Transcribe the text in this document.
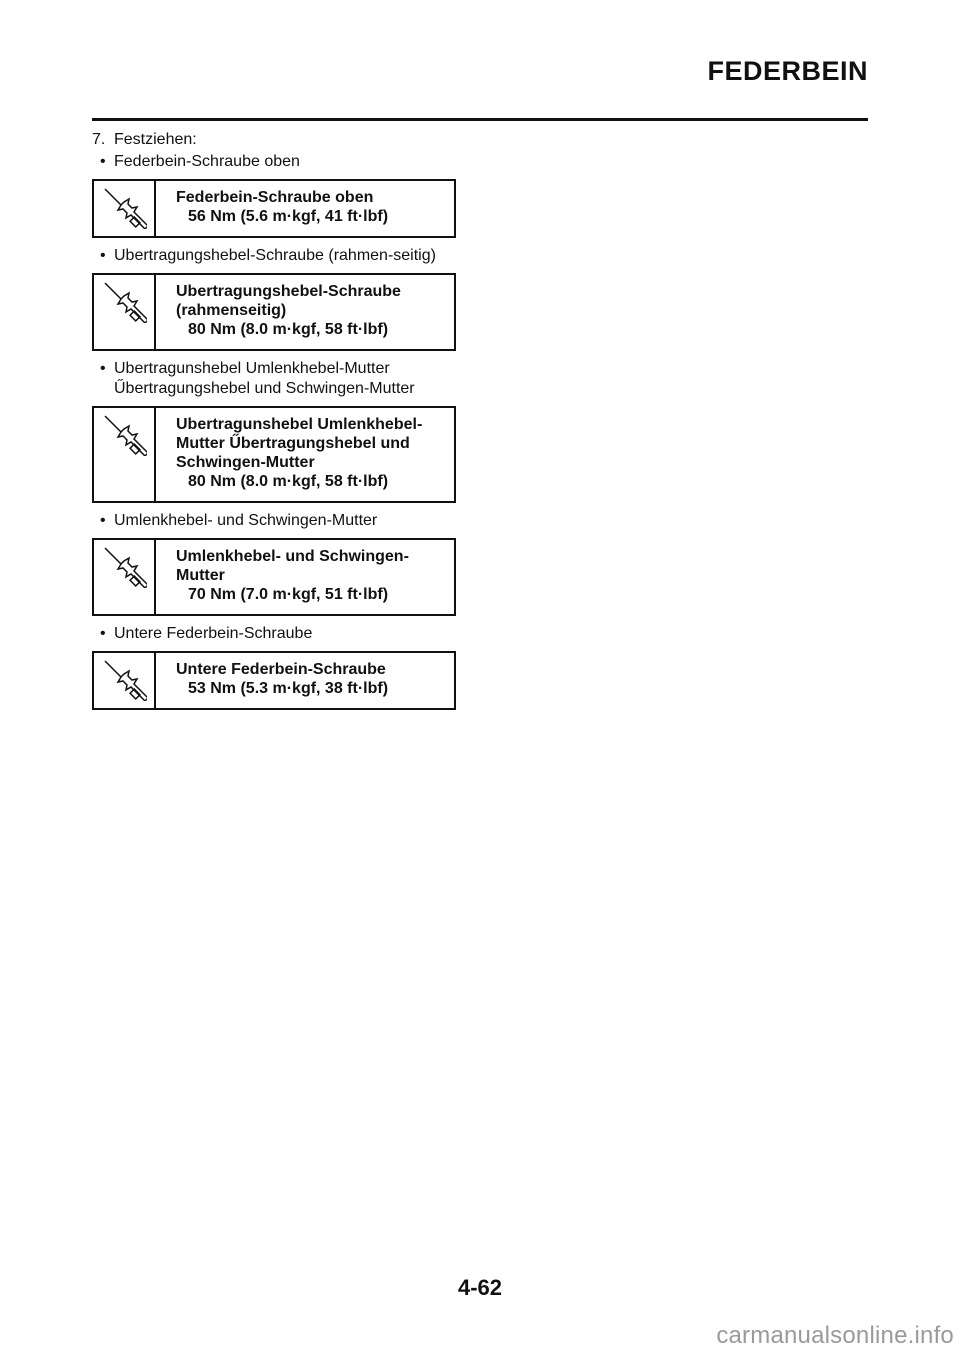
FEDERBEIN
7. Festziehen:
• Federbein-Schraube oben
Federbein-Schraube oben
56 Nm (5.6 m·kgf, 41 ft·lbf)
• Ubertragungshebel-Schraube (rahmen-seitig)
Ubertragungshebel-Schraube (rahmenseitig)
80 Nm (8.0 m·kgf, 58 ft·lbf)
• Ubertragunshebel Umlenkhebel-Mutter Űbertragungshebel und Schwingen-Mutter
Ubertragunshebel Umlenkhebel-Mutter Űbertragungshebel und Schwingen-Mutter
80 Nm (8.0 m·kgf, 58 ft·lbf)
• Umlenkhebel- und Schwingen-Mutter
Umlenkhebel- und Schwingen-Mutter
70 Nm (7.0 m·kgf, 51 ft·lbf)
• Untere Federbein-Schraube
Untere Federbein-Schraube
53 Nm (5.3 m·kgf, 38 ft·lbf)
4-62
carmanualsonline.info
